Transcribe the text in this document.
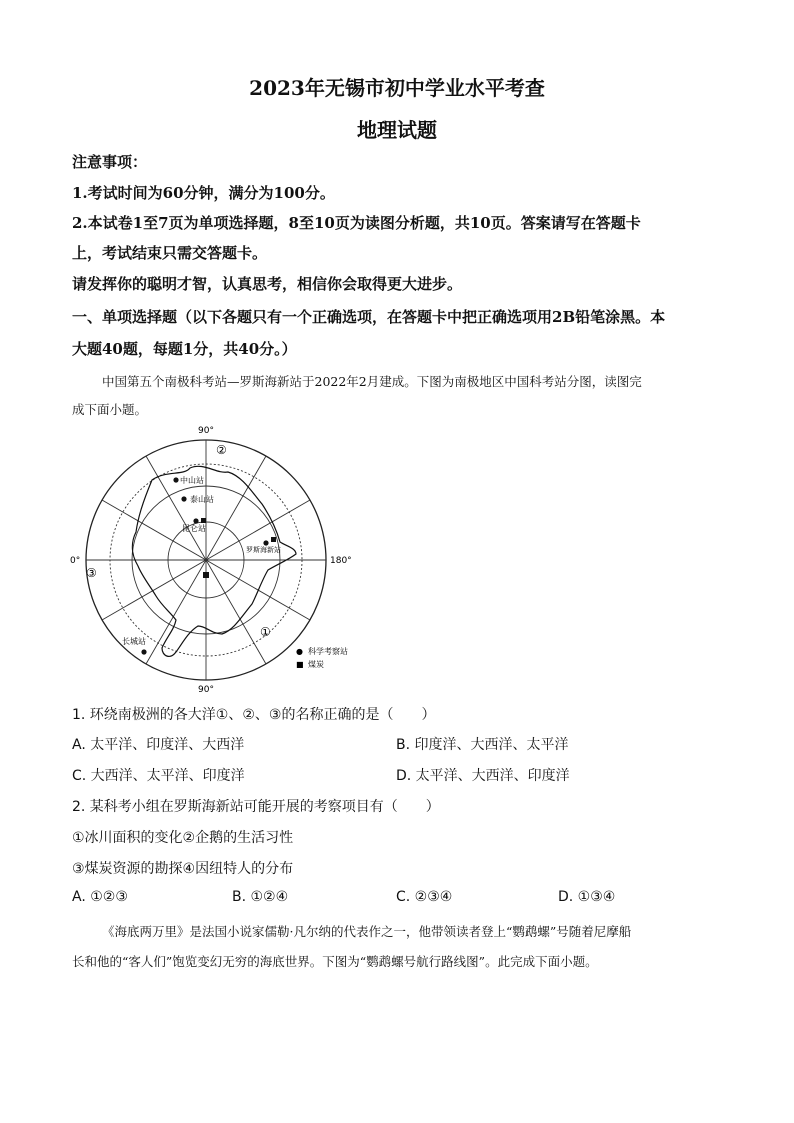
2023年无锡市初中学业水平考查
地理试题
注意事项：
1.考试时间为60分钟，满分为100分。
2.本试卷1至7页为单项选择题，8至10页为读图分析题，共10页。答案请写在答题卡
上，考试结束只需交答题卡。
请发挥你的聪明才智，认真思考，相信你会取得更大进步。
一、单项选择题（以下各题只有一个正确选项，在答题卡中把正确选项用2B铅笔涂黑。本
大题40题，每题1分，共40分。）
中国第五个南极科考站—罗斯海新站于2022年2月建成。下图为南极地区中国科考站分图，读图完
成下面小题。
90°
90°
0°	180°
②
③
①
中山站
泰山站
昆仑站
罗斯海新站
长城站
● 科学考察站
■ 煤炭
1. 环绕南极洲的各大洋①、②、③的名称正确的是（　　）
A. 太平洋、印度洋、大西洋	B. 印度洋、大西洋、太平洋
C. 大西洋、太平洋、印度洋	D. 太平洋、大西洋、印度洋
2. 某科考小组在罗斯海新站可能开展的考察项目有（　　）
①冰川面积的变化②企鹅的生活习性
③煤炭资源的勘探④因纽特人的分布
A. ①②③	B. ①②④	C. ②③④	D. ①③④
《海底两万里》是法国小说家儒勒·凡尔纳的代表作之一，他带领读者登上“鹦鹉螺”号随着尼摩船
长和他的“客人们”饱览变幻无穷的海底世界。下图为“鹦鹉螺号航行路线图”。此完成下面小题。
